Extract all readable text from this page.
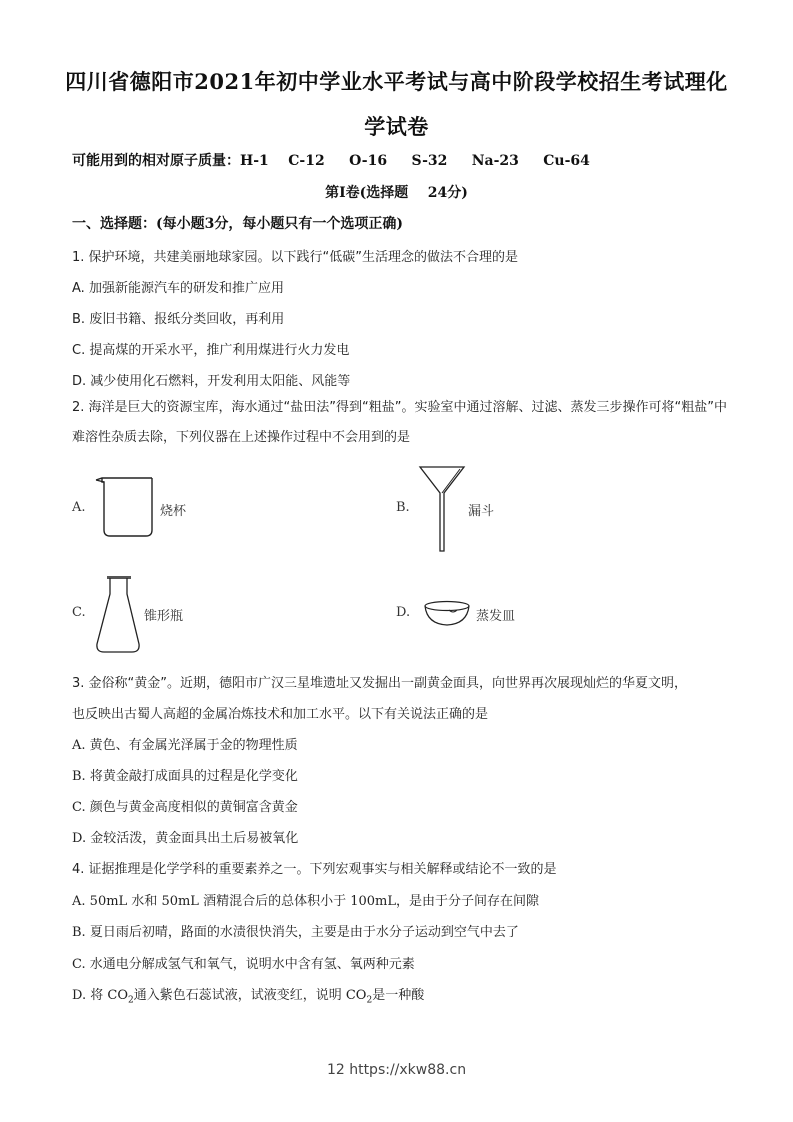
四川省德阳市2021年初中学业水平考试与高中阶段学校招生考试理化
学试卷
可能用到的相对原子质量：H-1    C-12     O-16     S-32     Na-23     Cu-64
第Ⅰ卷(选择题    24分)
一、选择题：(每小题3分，每小题只有一个选项正确)
1. 保护环境，共建美丽地球家园。以下践行“低碳”生活理念的做法不合理的是
A. 加强新能源汽车的研发和推广应用
B. 废旧书籍、报纸分类回收，再利用
C. 提高煤的开采水平，推广利用煤进行火力发电
D. 减少使用化石燃料，开发利用太阳能、风能等
2. 海洋是巨大的资源宝库，海水通过“盐田法”得到“粗盐”。实验室中通过溶解、过滤、蒸发三步操作可将“粗盐”中难溶性杂质去除，下列仪器在上述操作过程中不会用到的是
A.	烧杯	B.	漏斗
C.	锥形瓶	D.	蒸发皿
3. 金俗称“黄金”。近期，德阳市广汉三星堆遗址又发掘出一副黄金面具，向世界再次展现灿烂的华夏文明，
也反映出古蜀人高超的金属冶炼技术和加工水平。以下有关说法正确的是
A. 黄色、有金属光泽属于金的物理性质
B. 将黄金敲打成面具的过程是化学变化
C. 颜色与黄金高度相似的黄铜富含黄金
D. 金较活泼，黄金面具出土后易被氧化
4. 证据推理是化学学科的重要素养之一。下列宏观事实与相关解释或结论不一致的是
A. 50mL 水和 50mL 酒精混合后的总体积小于 100mL，是由于分子间存在间隙
B. 夏日雨后初晴，路面的水渍很快消失，主要是由于水分子运动到空气中去了
C. 水通电分解成氢气和氧气，说明水中含有氢、氧两种元素
D. 将 $CO_2$通入紫色石蕊试液，试液变红，说明 $CO_2$是一种酸
12 https://xkw88.cn
